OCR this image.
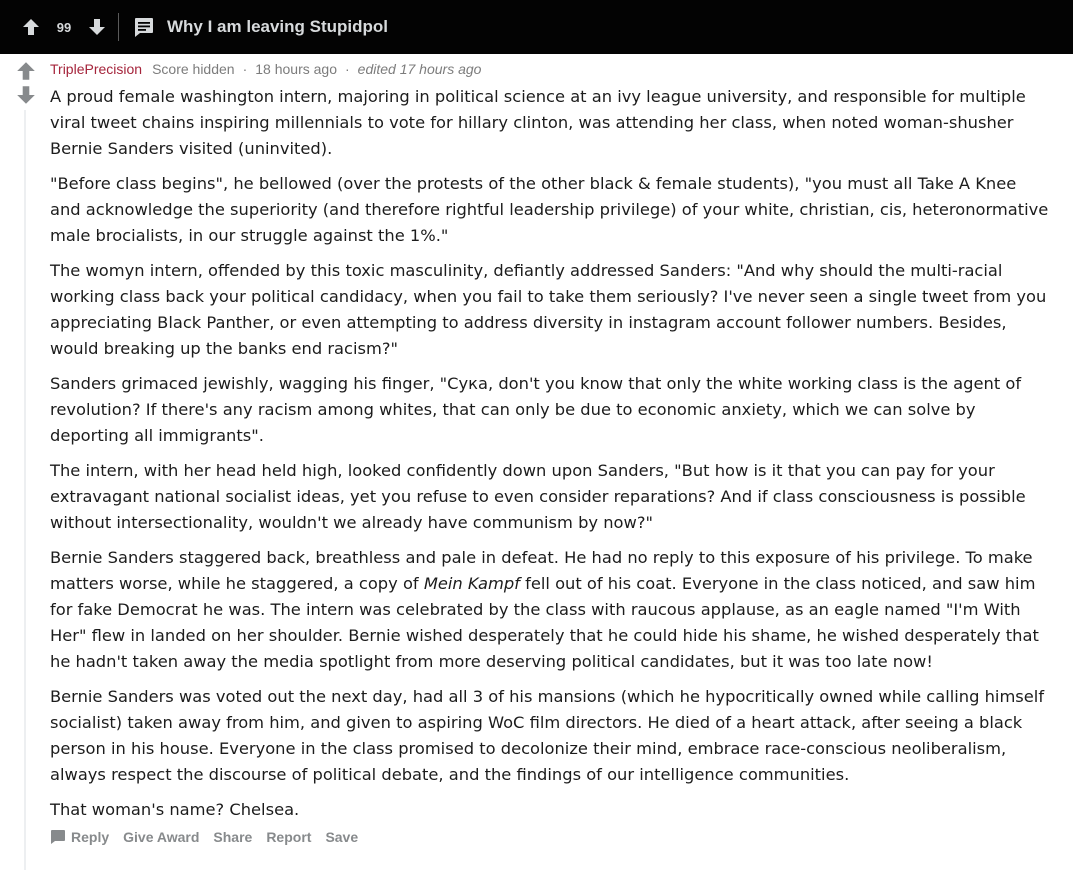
99	Why I am leaving Stupidpol
TriplePrecision Score hidden · 18 hours ago · edited 17 hours ago

A proud female washington intern, majoring in political science at an ivy league university, and responsible for multiple viral tweet chains inspiring millennials to vote for hillary clinton, was attending her class, when noted woman-shusher Bernie Sanders visited (uninvited).

"Before class begins", he bellowed (over the protests of the other black & female students), "you must all Take A Knee and acknowledge the superiority (and therefore rightful leadership privilege) of your white, christian, cis, heteronormative male brocialists, in our struggle against the 1%."

The womyn intern, offended by this toxic masculinity, defiantly addressed Sanders: "And why should the multi-racial working class back your political candidacy, when you fail to take them seriously? I've never seen a single tweet from you appreciating Black Panther, or even attempting to address diversity in instagram account follower numbers. Besides, would breaking up the banks end racism?"

Sanders grimaced jewishly, wagging his finger, "Сука, don't you know that only the white working class is the agent of revolution? If there's any racism among whites, that can only be due to economic anxiety, which we can solve by deporting all immigrants".

The intern, with her head held high, looked confidently down upon Sanders, "But how is it that you can pay for your extravagant national socialist ideas, yet you refuse to even consider reparations? And if class consciousness is possible without intersectionality, wouldn't we already have communism by now?"

Bernie Sanders staggered back, breathless and pale in defeat. He had no reply to this exposure of his privilege. To make matters worse, while he staggered, a copy of Mein Kampf fell out of his coat. Everyone in the class noticed, and saw him for fake Democrat he was. The intern was celebrated by the class with raucous applause, as an eagle named "I'm With Her" flew in landed on her shoulder. Bernie wished desperately that he could hide his shame, he wished desperately that he hadn't taken away the media spotlight from more deserving political candidates, but it was too late now!

Bernie Sanders was voted out the next day, had all 3 of his mansions (which he hypocritically owned while calling himself socialist) taken away from him, and given to aspiring WoC film directors. He died of a heart attack, after seeing a black person in his house. Everyone in the class promised to decolonize their mind, embrace race-conscious neoliberalism, always respect the discourse of political debate, and the findings of our intelligence communities.

That woman's name? Chelsea.

Reply Give Award Share Report Save
